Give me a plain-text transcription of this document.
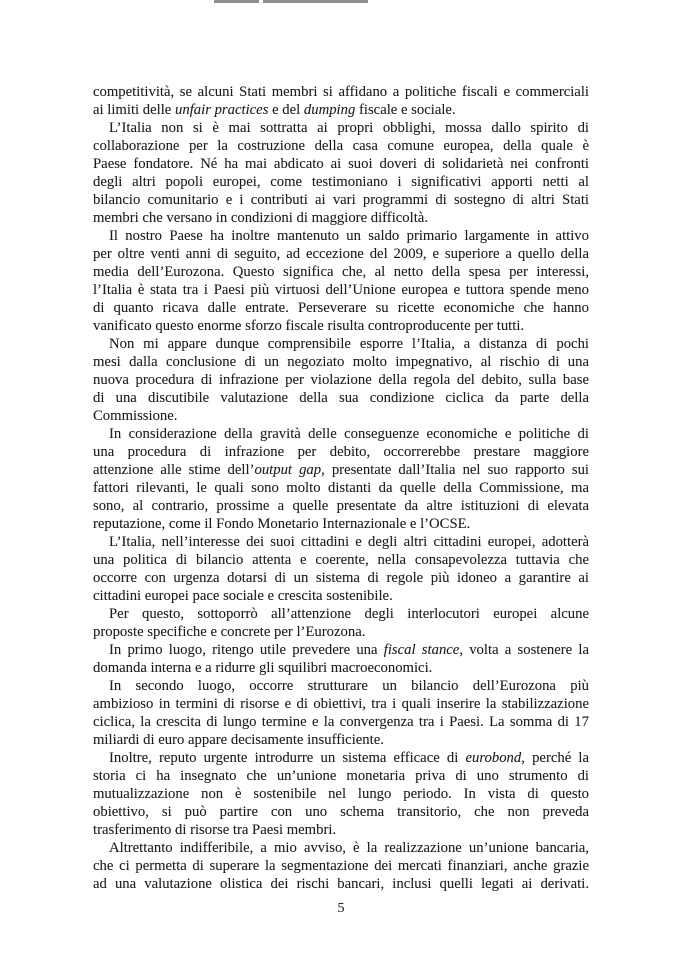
competitività, se alcuni Stati membri si affidano a politiche fiscali e commerciali
ai limiti delle unfair practices e del dumping fiscale e sociale.

L’Italia non si è mai sottratta ai propri obblighi, mossa dallo spirito di
collaborazione per la costruzione della casa comune europea, della quale è
Paese fondatore. Né ha mai abdicato ai suoi doveri di solidarietà nei confronti
degli altri popoli europei, come testimoniano i significativi apporti netti al
bilancio comunitario e i contributi ai vari programmi di sostegno di altri Stati
membri che versano in condizioni di maggiore difficoltà.

Il nostro Paese ha inoltre mantenuto un saldo primario largamente in attivo
per oltre venti anni di seguito, ad eccezione del 2009, e superiore a quello della
media dell’Eurozona. Questo significa che, al netto della spesa per interessi,
l’Italia è stata tra i Paesi più virtuosi dell’Unione europea e tuttora spende meno
di quanto ricava dalle entrate. Perseverare su ricette economiche che hanno
vanificato questo enorme sforzo fiscale risulta controproducente per tutti.

Non mi appare dunque comprensibile esporre l’Italia, a distanza di pochi
mesi dalla conclusione di un negoziato molto impegnativo, al rischio di una
nuova procedura di infrazione per violazione della regola del debito, sulla base
di una discutibile valutazione della sua condizione ciclica da parte della
Commissione.

In considerazione della gravità delle conseguenze economiche e politiche di
una procedura di infrazione per debito, occorrerebbe prestare maggiore
attenzione alle stime dell’output gap, presentate dall’Italia nel suo rapporto sui
fattori rilevanti, le quali sono molto distanti da quelle della Commissione, ma
sono, al contrario, prossime a quelle presentate da altre istituzioni di elevata
reputazione, come il Fondo Monetario Internazionale e l’OCSE.

L’Italia, nell’interesse dei suoi cittadini e degli altri cittadini europei, adotterà
una politica di bilancio attenta e coerente, nella consapevolezza tuttavia che
occorre con urgenza dotarsi di un sistema di regole più idoneo a garantire ai
cittadini europei pace sociale e crescita sostenibile.

Per questo, sottoporrò all’attenzione degli interlocutori europei alcune
proposte specifiche e concrete per l’Eurozona.

In primo luogo, ritengo utile prevedere una fiscal stance, volta a sostenere la
domanda interna e a ridurre gli squilibri macroeconomici.

In secondo luogo, occorre strutturare un bilancio dell’Eurozona più
ambizioso in termini di risorse e di obiettivi, tra i quali inserire la stabilizzazione
ciclica, la crescita di lungo termine e la convergenza tra i Paesi. La somma di 17
miliardi di euro appare decisamente insufficiente.

Inoltre, reputo urgente introdurre un sistema efficace di eurobond, perché la
storia ci ha insegnato che un’unione monetaria priva di uno strumento di
mutualizzazione non è sostenibile nel lungo periodo. In vista di questo
obiettivo, si può partire con uno schema transitorio, che non preveda
trasferimento di risorse tra Paesi membri.

Altrettanto indifferibile, a mio avviso, è la realizzazione un’unione bancaria,
che ci permetta di superare la segmentazione dei mercati finanziari, anche grazie
ad una valutazione olistica dei rischi bancari, inclusi quelli legati ai derivati.

5
